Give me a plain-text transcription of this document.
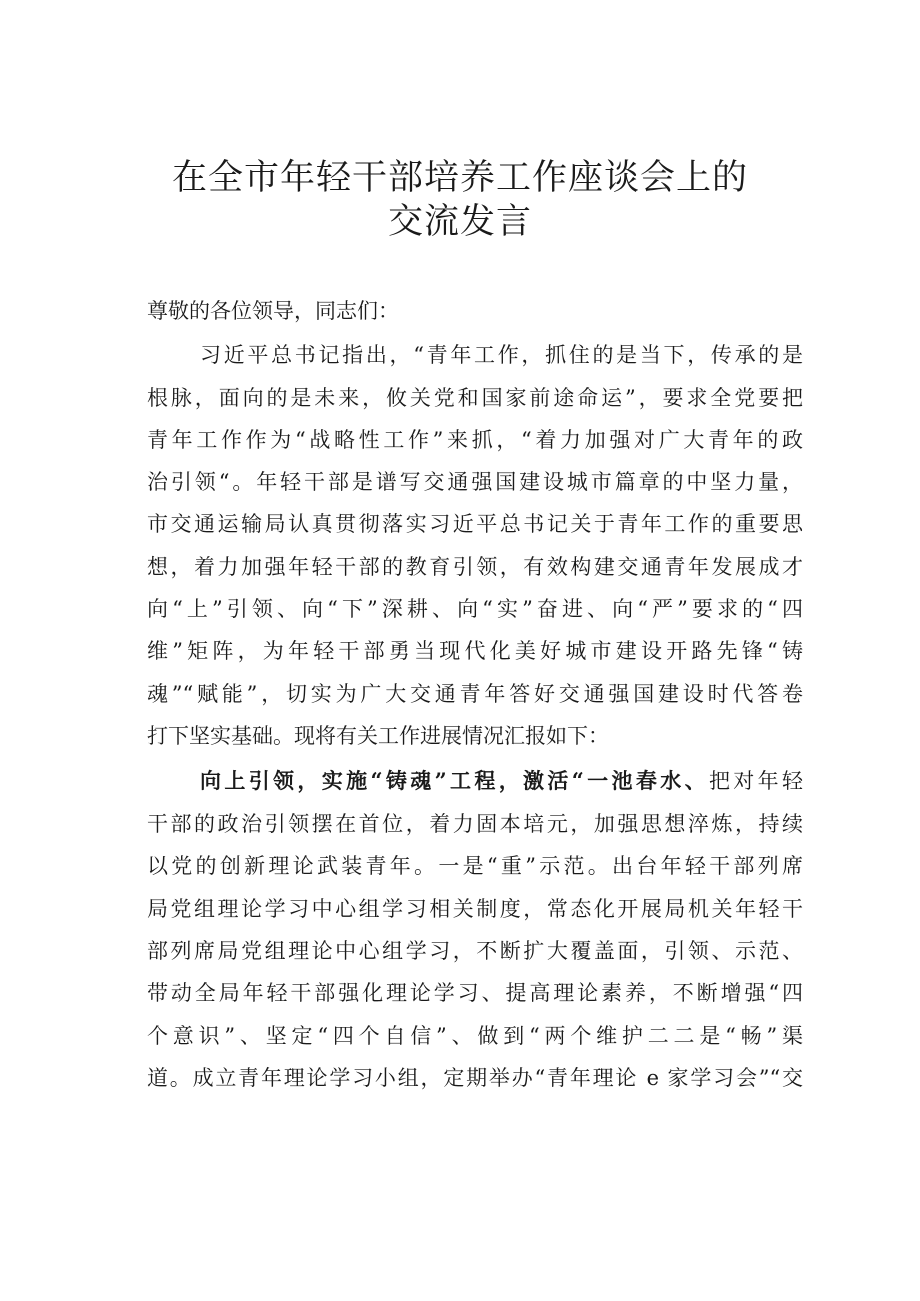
在全市年轻干部培养工作座谈会上的
交流发言
尊敬的各位领导，同志们：
习近平总书记指出，“青年工作，抓住的是当下，传承的是
根脉，面向的是未来，攸关党和国家前途命运”，要求全党要把
青年工作作为“战略性工作”来抓，“着力加强对广大青年的政
治引领“。年轻干部是谱写交通强国建设城市篇章的中坚力量，
市交通运输局认真贯彻落实习近平总书记关于青年工作的重要思
想，着力加强年轻干部的教育引领，有效构建交通青年发展成才
向“上”引领、向“下”深耕、向“实”奋进、向“严”要求的“四
维”矩阵，为年轻干部勇当现代化美好城市建设开路先锋“铸
魂”“赋能”，切实为广大交通青年答好交通强国建设时代答卷
打下坚实基础。现将有关工作进展情况汇报如下：
向上引领，实施“铸魂”工程，激活“一池春水、把对年轻
干部的政治引领摆在首位，着力固本培元，加强思想淬炼，持续
以党的创新理论武装青年。一是“重”示范。出台年轻干部列席
局党组理论学习中心组学习相关制度，常态化开展局机关年轻干
部列席局党组理论中心组学习，不断扩大覆盖面，引领、示范、
带动全局年轻干部强化理论学习、提高理论素养，不断增强“四
个意识”、坚定“四个自信”、做到“两个维护二二是“畅”渠
道。成立青年理论学习小组，定期举办“青年理论 e 家学习会”“交
